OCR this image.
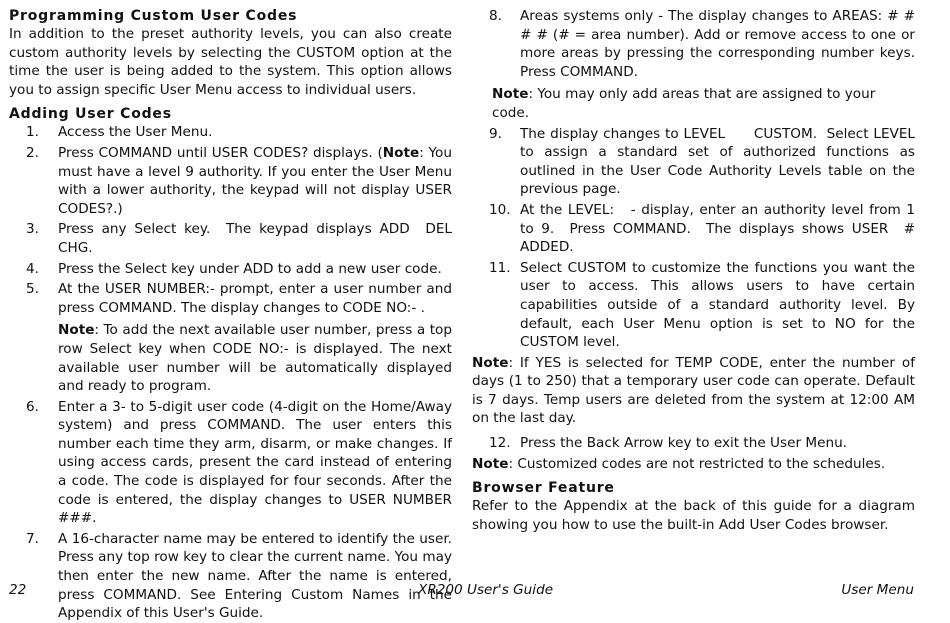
Programming Custom User Codes

In addition to the preset authority levels, you can also create custom authority levels by selecting the CUSTOM option at the time the user is being added to the system. This option allows you to assign specific User Menu access to individual users.

Adding User Codes
1. Access the User Menu.
2. Press COMMAND until USER CODES? displays. (Note: You must have a level 9 authority. If you enter the User Menu with a lower authority, the keypad will not display USER CODES?.)
3. Press any Select key.  The keypad displays ADD  DEL  CHG.
4. Press the Select key under ADD to add a new user code.
5. At the USER NUMBER:- prompt, enter a user number and press COMMAND. The display changes to CODE NO:- .
Note: To add the next available user number, press a top row Select key when CODE NO:- is displayed. The next available user number will be automatically displayed and ready to program.
6. Enter a 3- to 5-digit user code (4-digit on the Home/Away system) and press COMMAND. The user enters this number each time they arm, disarm, or make changes. If using access cards, present the card instead of entering a code. The code is displayed for four seconds. After the code is entered, the display changes to USER NUMBER ###.
7. A 16-character name may be entered to identify the user. Press any top row key to clear the current name. You may then enter the new name. After the name is entered, press COMMAND. See Entering Custom Names in the Appendix of this User's Guide.
8. Areas systems only - The display changes to AREAS: # # # # (# = area number). Add or remove access to one or more areas by pressing the corresponding number keys. Press COMMAND.
Note: You may only add areas that are assigned to your code.
9. The display changes to LEVEL      CUSTOM.  Select LEVEL to assign a standard set of authorized functions as outlined in the User Code Authority Levels table on the previous page.
10. At the LEVEL:   - display, enter an authority level from 1 to 9.  Press COMMAND.  The displays shows USER  #  ADDED.
11. Select CUSTOM to customize the functions you want the user to access. This allows users to have certain capabilities outside of a standard authority level. By default, each User Menu option is set to NO for the CUSTOM level.

Note: If YES is selected for TEMP CODE, enter the number of days (1 to 250) that a temporary user code can operate. Default is 7 days. Temp users are deleted from the system at 12:00 AM on the last day.

12. Press the Back Arrow key to exit the User Menu.

Note: Customized codes are not restricted to the schedules.

Browser Feature

Refer to the Appendix at the back of this guide for a diagram showing you how to use the built-in Add User Codes browser.

22	XR200 User's Guide	User Menu
